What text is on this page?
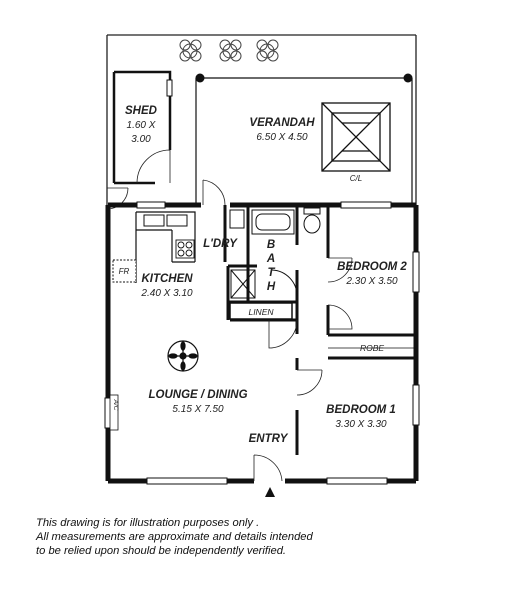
SHED
1.60 X
3.00
VERANDAH
6.50 X 4.50
C/L
L'DRY	B
A
T
H
KITCHEN
2.40 X 3.10
FR	BEDROOM 2
2.30 X 3.50
LINEN
ROBE
LOUNGE / DINING
5.15 X 7.50
A/C	BEDROOM 1
3.30 X 3.30
ENTRY
This drawing is for illustration purposes only .
All measurements are approximate and details intended
to be relied upon should be independently verified.
